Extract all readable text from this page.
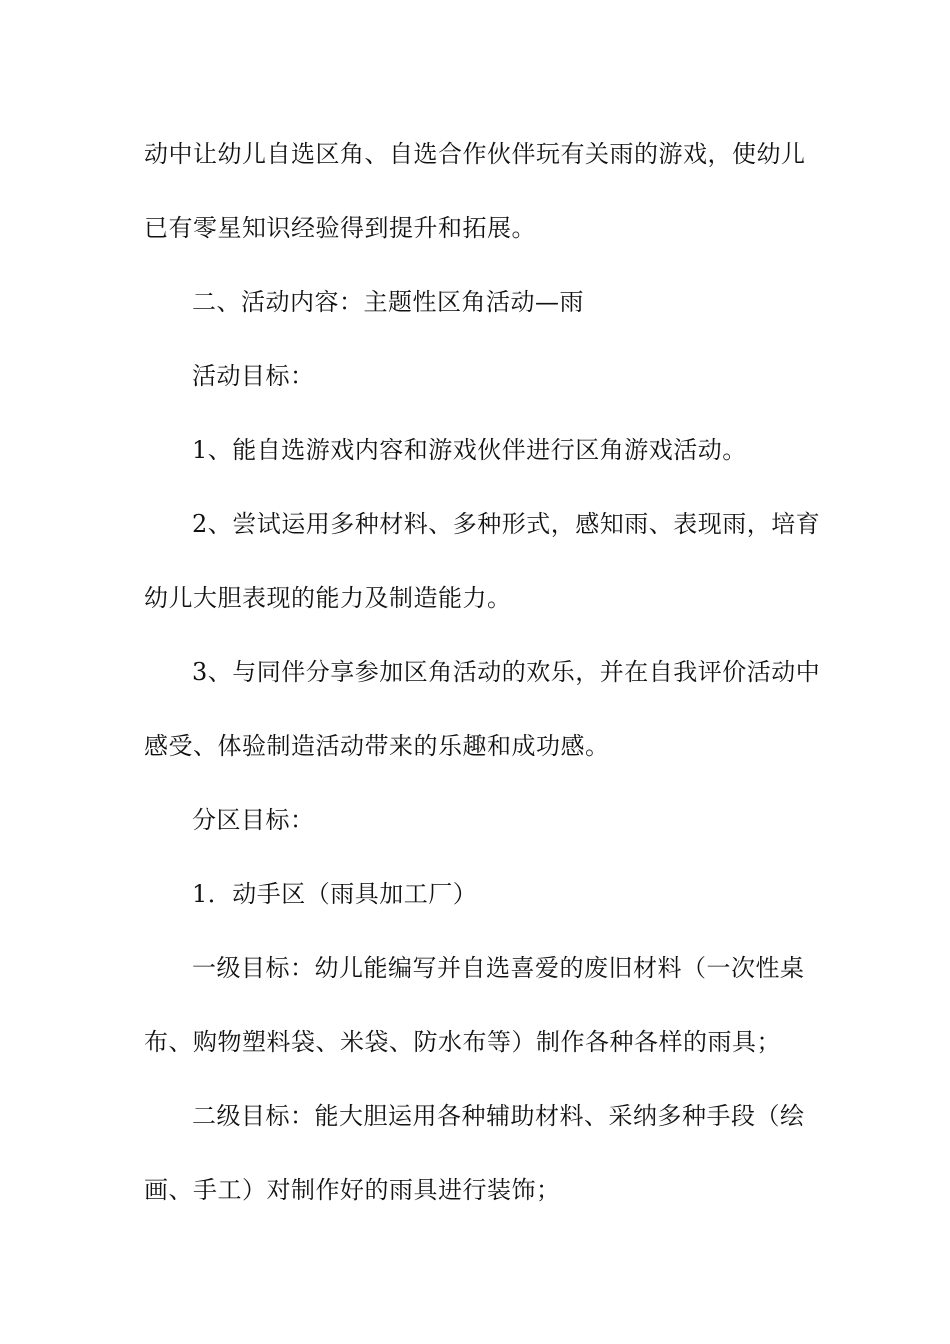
动中让幼儿自选区角、自选合作伙伴玩有关雨的游戏，使幼儿
已有零星知识经验得到提升和拓展。
二、活动内容：主题性区角活动—雨
活动目标：
1、能自选游戏内容和游戏伙伴进行区角游戏活动。
2、尝试运用多种材料、多种形式，感知雨、表现雨，培育
幼儿大胆表现的能力及制造能力。
3、与同伴分享参加区角活动的欢乐，并在自我评价活动中
感受、体验制造活动带来的乐趣和成功感。
分区目标：
1．动手区（雨具加工厂）
一级目标：幼儿能编写并自选喜爱的废旧材料（一次性桌
布、购物塑料袋、米袋、防水布等）制作各种各样的雨具；
二级目标：能大胆运用各种辅助材料、采纳多种手段（绘
画、手工）对制作好的雨具进行装饰；
